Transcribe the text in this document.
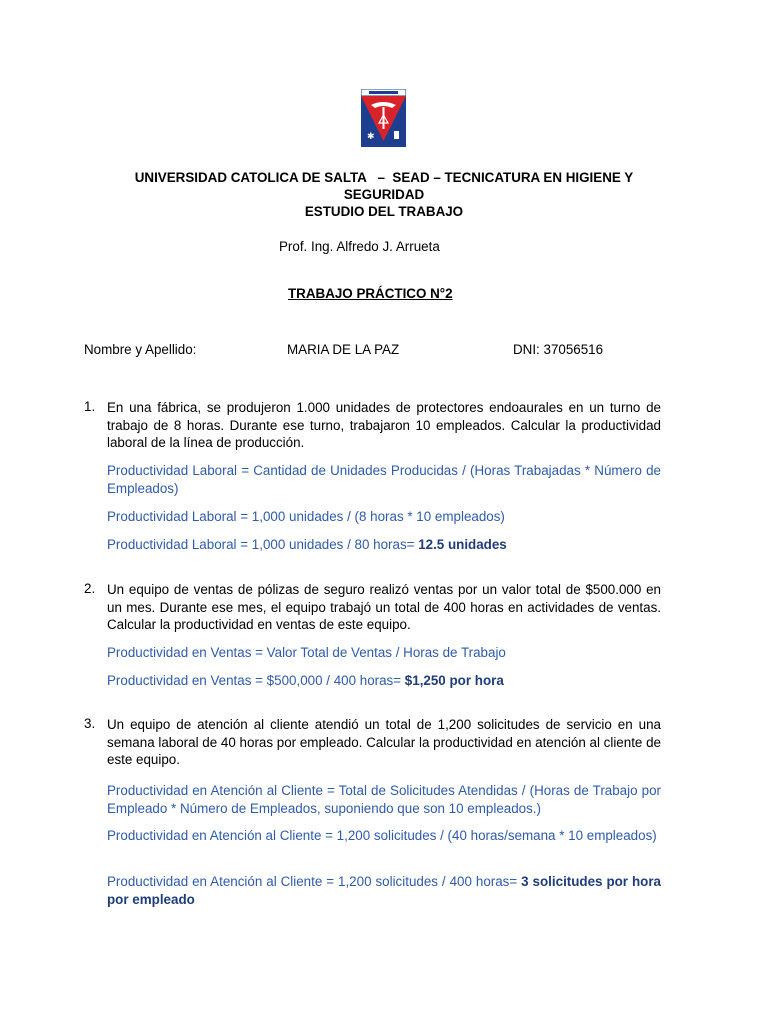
✱
UNIVERSIDAD CATOLICA DE SALTA   –  SEAD – TECNICATURA EN HIGIENE Y
SEGURIDAD
ESTUDIO DEL TRABAJO
Prof. Ing. Alfredo J. Arrueta
TRABAJO PRÁCTICO N°2
Nombre y Apellido:	MARIA DE LA PAZ	DNI: 37056516
1. En una fábrica, se produjeron 1.000 unidades de protectores endoaurales en un turno de trabajo de 8 horas. Durante ese turno, trabajaron 10 empleados. Calcular la productividad laboral de la línea de producción.
Productividad Laboral = Cantidad de Unidades Producidas / (Horas Trabajadas * Número de Empleados)
Productividad Laboral = 1,000 unidades / (8 horas * 10 empleados)
Productividad Laboral = 1,000 unidades / 80 horas= 12.5 unidades
2. Un equipo de ventas de pólizas de seguro realizó ventas por un valor total de $500.000 en un mes. Durante ese mes, el equipo trabajó un total de 400 horas en actividades de ventas. Calcular la productividad en ventas de este equipo.
Productividad en Ventas = Valor Total de Ventas / Horas de Trabajo
Productividad en Ventas = $500,000 / 400 horas= $1,250 por hora
3. Un equipo de atención al cliente atendió un total de 1,200 solicitudes de servicio en una semana laboral de 40 horas por empleado. Calcular la productividad en atención al cliente de este equipo.
Productividad en Atención al Cliente = Total de Solicitudes Atendidas / (Horas de Trabajo por Empleado * Número de Empleados, suponiendo que son 10 empleados.)
Productividad en Atención al Cliente = 1,200 solicitudes / (40 horas/semana * 10 empleados)
Productividad en Atención al Cliente = 1,200 solicitudes / 400 horas= 3 solicitudes por hora por empleado
